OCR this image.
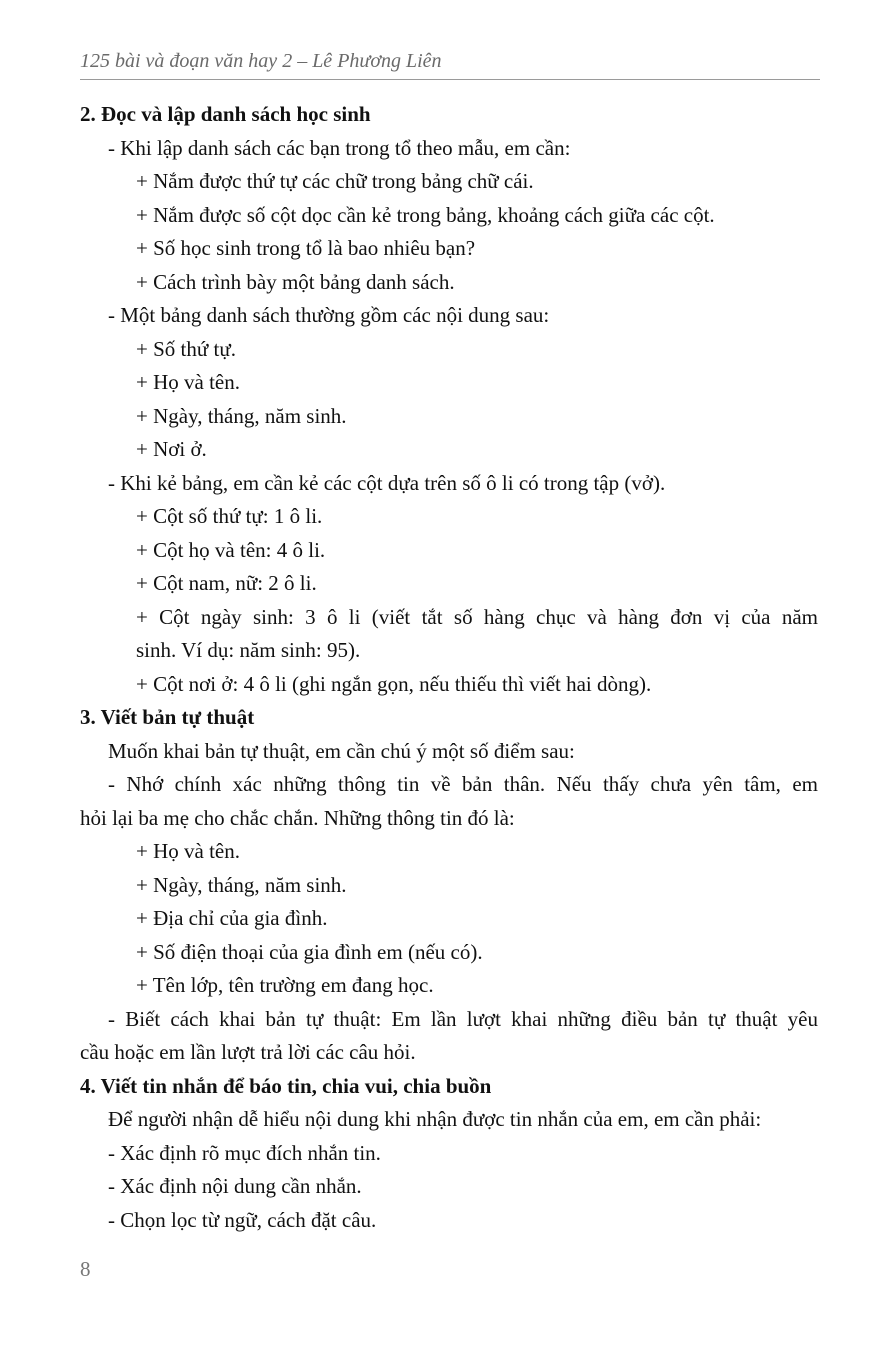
125 bài và đoạn văn hay 2 – Lê Phương Liên

2. Đọc và lập danh sách học sinh

- Khi lập danh sách các bạn trong tổ theo mẫu, em cần:

+ Nắm được thứ tự các chữ trong bảng chữ cái.

+ Nắm được số cột dọc cần kẻ trong bảng, khoảng cách giữa các cột.

+ Số học sinh trong tổ là bao nhiêu bạn?

+ Cách trình bày một bảng danh sách.

- Một bảng danh sách thường gồm các nội dung sau:

+ Số thứ tự.

+ Họ và tên.

+ Ngày, tháng, năm sinh.

+ Nơi ở.

- Khi kẻ bảng, em cần kẻ các cột dựa trên số ô li có trong tập (vở).

+ Cột số thứ tự: 1 ô li.

+ Cột họ và tên: 4 ô li.

+ Cột nam, nữ: 2 ô li.

+ Cột ngày sinh: 3 ô li (viết tắt số hàng chục và hàng đơn vị của năm

sinh. Ví dụ: năm sinh: 95).

+ Cột nơi ở: 4 ô li (ghi ngắn gọn, nếu thiếu thì viết hai dòng).

3. Viết bản tự thuật

Muốn khai bản tự thuật, em cần chú ý một số điểm sau:

- Nhớ chính xác những thông tin về bản thân. Nếu thấy chưa yên tâm, em

hỏi lại ba mẹ cho chắc chắn. Những thông tin đó là:

+ Họ và tên.

+ Ngày, tháng, năm sinh.

+ Địa chỉ của gia đình.

+ Số điện thoại của gia đình em (nếu có).

+ Tên lớp, tên trường em đang học.

- Biết cách khai bản tự thuật: Em lần lượt khai những điều bản tự thuật yêu

cầu hoặc em lần lượt trả lời các câu hỏi.

4. Viết tin nhắn để báo tin, chia vui, chia buồn

Để người nhận dễ hiểu nội dung khi nhận được tin nhắn của em, em cần phải:

- Xác định rõ mục đích nhắn tin.

- Xác định nội dung cần nhắn.

- Chọn lọc từ ngữ, cách đặt câu.

8
